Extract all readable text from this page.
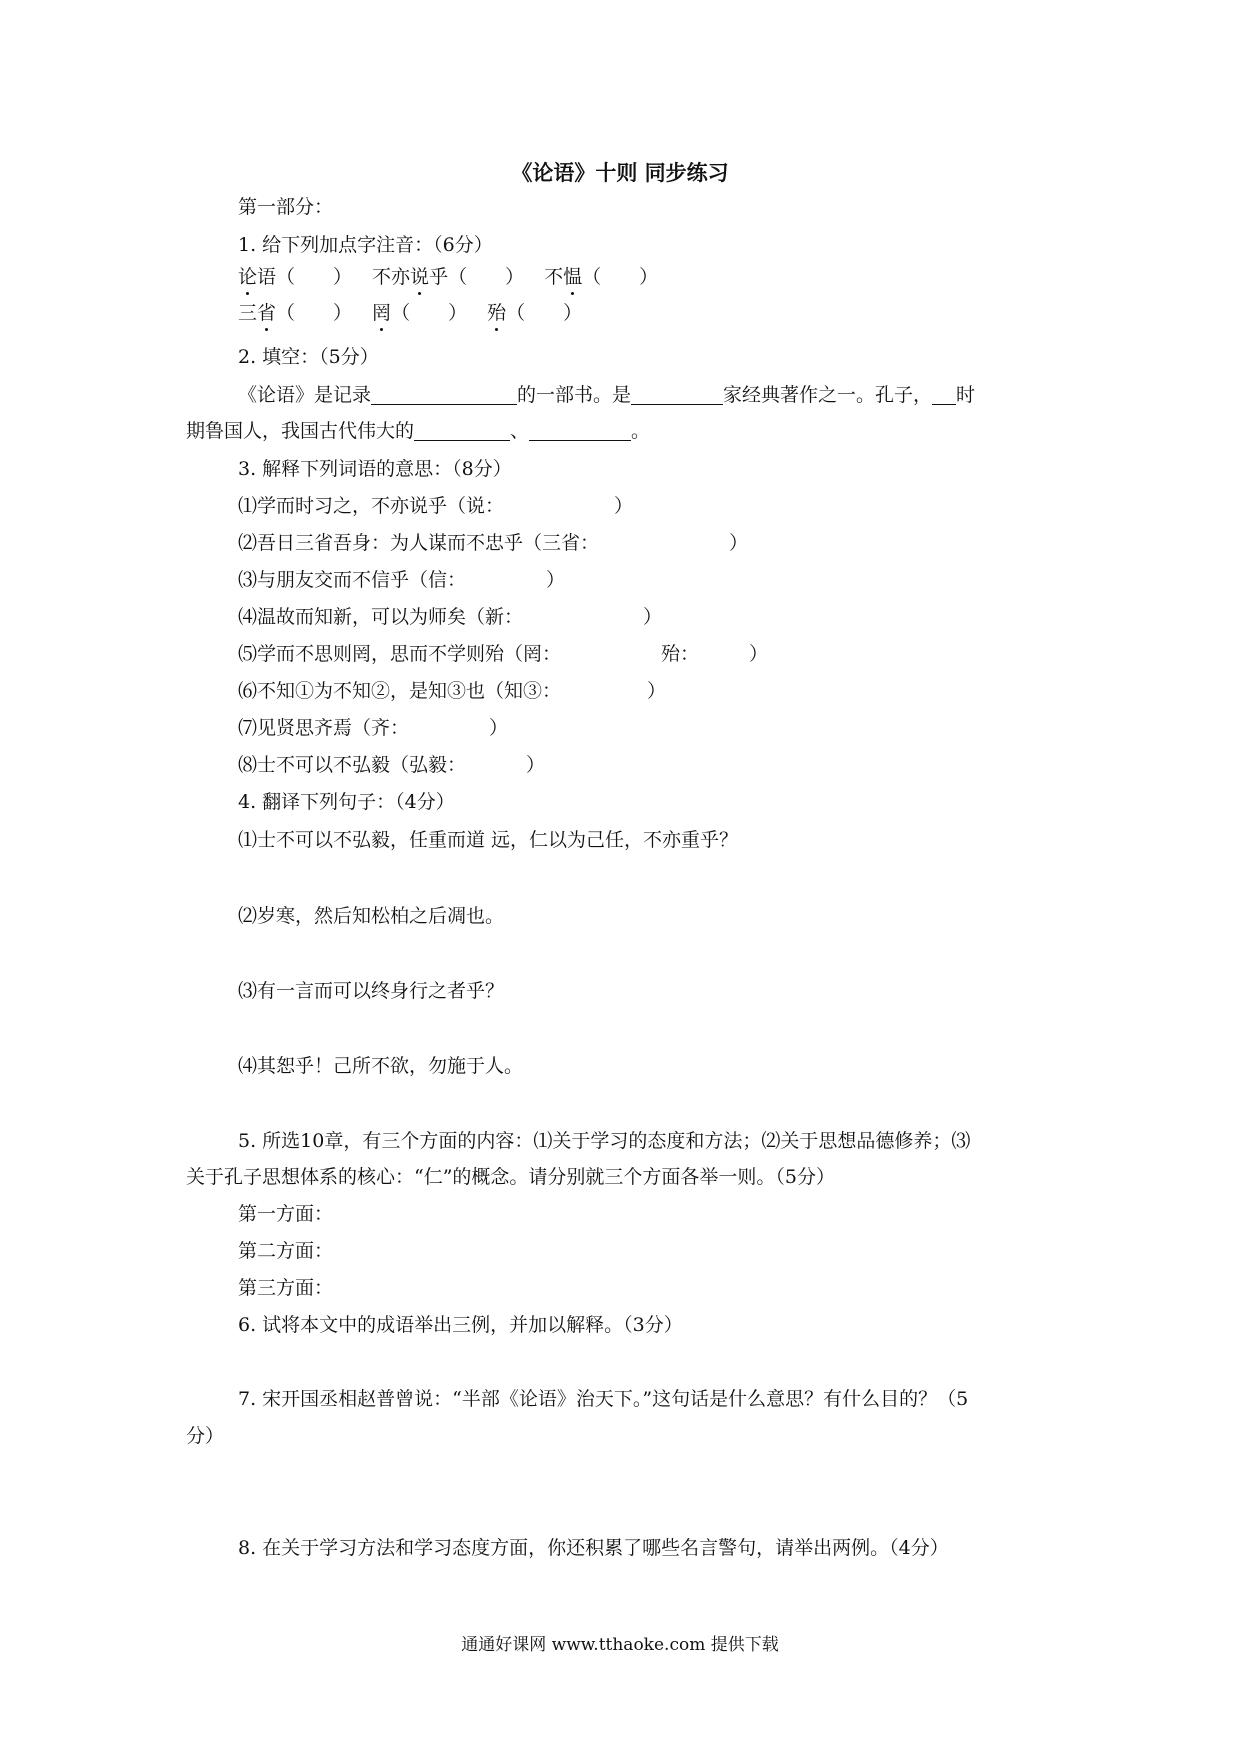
《论语》十则 同步练习
第一部分：
1. 给下列加点字注音：（6分）
论语（　　） 不亦说乎（　　） 不愠（　　）
三省（　　） 罔（　　） 殆（　　）
2. 填空：（5分）
《论语》是记录	的一部书。是	家经典著作之一。孔子， 时
期鲁国人，我国古代伟大的	、	。
3. 解释下列词语的意思：（8分）
⑴学而时习之，不亦说乎（说：	）
⑵吾日三省吾身：为人谋而不忠乎（三省：	）
⑶与朋友交而不信乎（信：	）
⑷温故而知新，可以为师矣（新：	）
⑸学而不思则罔，思而不学则殆（罔：	殆：	）
⑹不知①为不知②，是知③也（知③：	）
⑺见贤思齐焉（齐：	）
⑻士不可以不弘毅（弘毅：	）
4. 翻译下列句子：（4分）
⑴士不可以不弘毅，任重而道 远，仁以为己任，不亦重乎？
⑵岁寒，然后知松柏之后凋也。
⑶有一言而可以终身行之者乎？
⑷其恕乎！己所不欲，勿施于人。
5. 所选10章，有三个方面的内容：⑴关于学习的态度和方法；⑵关于思想品德修养；⑶
关于孔子思想体系的核心：“仁”的概念。请分别就三个方面各举一则。（5分）
第一方面：
第二方面：
第三方面：
6. 试将本文中的成语举出三例，并加以解释。（3分）
7. 宋开国丞相赵普曾说：“半部《论语》治天下。”这句话是什么意思？有什么目的？（5
分）
8. 在关于学习方法和学习态度方面，你还积累了哪些名言警句，请举出两例。（4分）
通通好课网 www.tthaoke.com 提供下载
